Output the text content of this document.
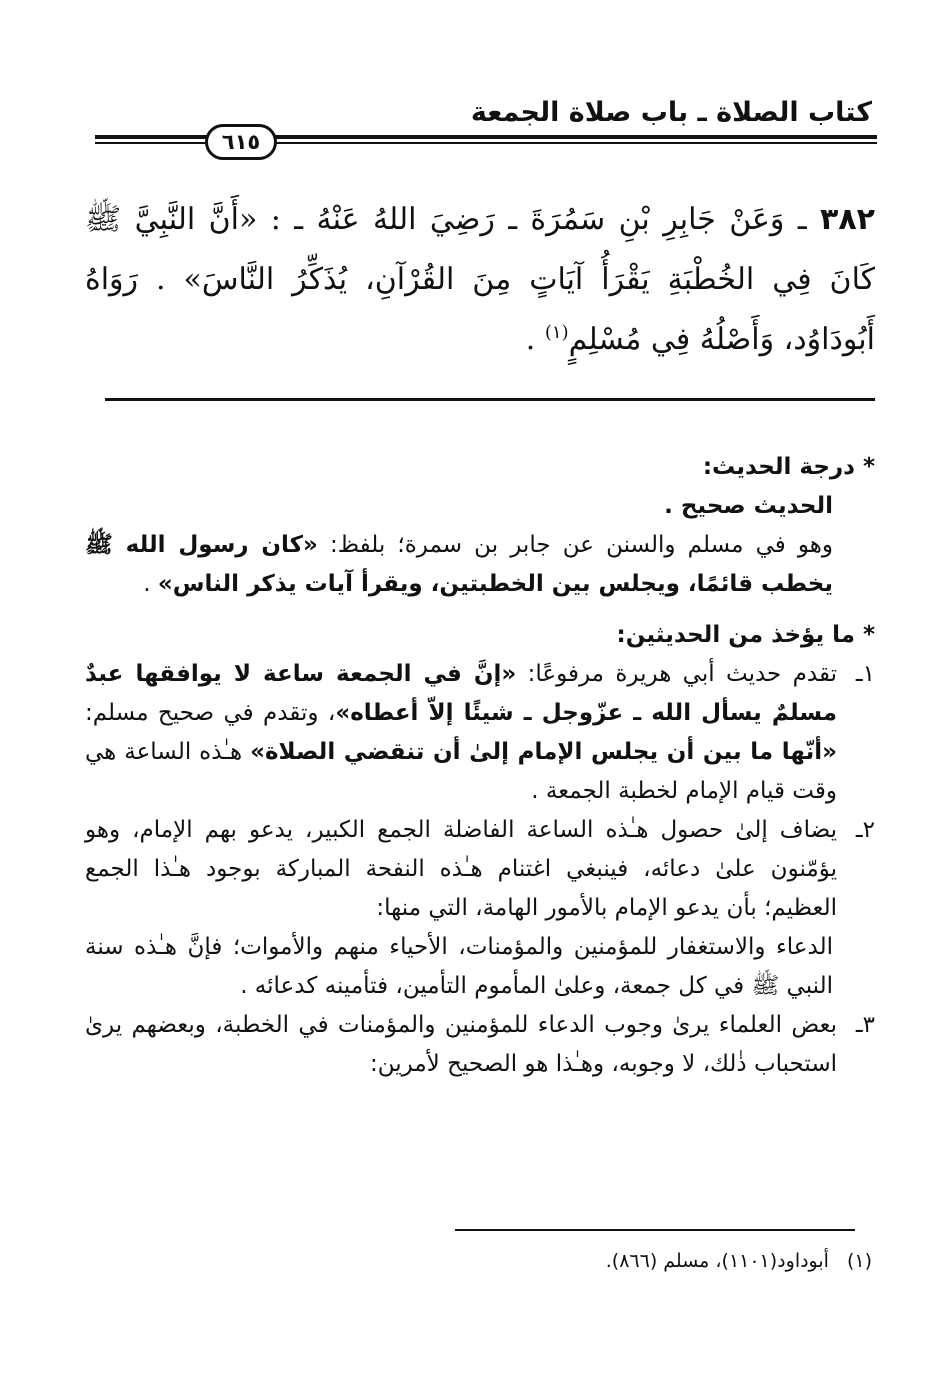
كتاب الصلاة ـ باب صلاة الجمعة
٦١٥
٣٨٢ ـ وَعَنْ جَابِرِ بْنِ سَمُرَةَ ـ رَضِيَ اللهُ عَنْهُ ـ : «أَنَّ النَّبِيَّ ﷺ كَانَ فِي الخُطْبَةِ يَقْرَأُ آيَاتٍ مِنَ القُرْآنِ، يُذَكِّرُ النَّاسَ» . رَوَاهُ أَبُودَاوُد، وَأَصْلُهُ فِي مُسْلِمٍ$^{(١)}$ .

* درجة الحديث:

الحديث صحيح .

وهو في مسلم والسنن عن جابر بن سمرة؛ بلفظ: «كان رسول الله ﷺ يخطب قائمًا، ويجلس بين الخطبتين، ويقرأ آيات يذكر الناس» .

* ما يؤخذ من الحديثين:

١ـ
تقدم حديث أبي هريرة مرفوعًا: «إنَّ في الجمعة ساعة لا يوافقها عبدٌ مسلمٌ يسأل الله ـ عزّوجل ـ شيئًا إلاّ أعطاه»، وتقدم في صحيح مسلم: «أنّها ما بين أن يجلس الإمام إلىٰ أن تنقضي الصلاة» هـٰذه الساعة هي وقت قيام الإمام لخطبة الجمعة .
٢ـ
يضاف إلىٰ حصول هـٰذه الساعة الفاضلة الجمع الكبير، يدعو بهم الإمام، وهو يؤمّنون علىٰ دعائه، فينبغي اغتنام هـٰذه النفحة المباركة بوجود هـٰذا الجمع العظيم؛ بأن يدعو الإمام بالأمور الهامة، التي منها:

الدعاء والاستغفار للمؤمنين والمؤمنات، الأحياء منهم والأموات؛ فإنَّ هـٰذه سنة النبي ﷺ في كل جمعة، وعلىٰ المأموم التأمين، فتأمينه كدعائه .

٣ـ
بعض العلماء يرىٰ وجوب الدعاء للمؤمنين والمؤمنات في الخطبة، وبعضهم يرىٰ استحباب ذٰلك، لا وجوبه، وهـٰذا هو الصحيح لأمرين:
(١)أبوداود(١١٠١)، مسلم (٨٦٦).
